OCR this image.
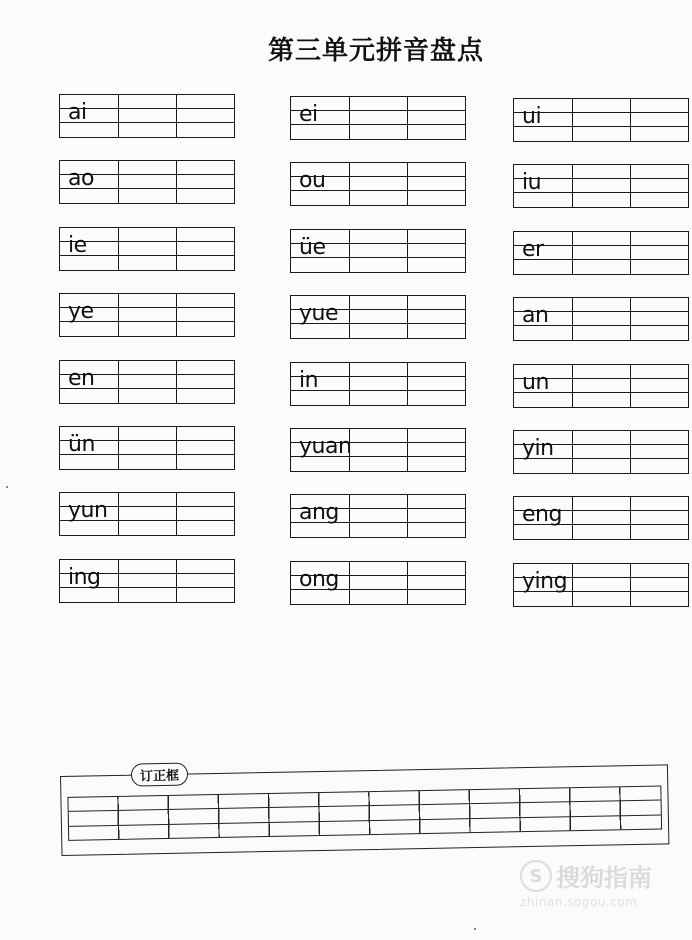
第三单元拼音盘点
ai	ei	ui
ao	ou	iu
ie	üe	er
ye	yue	an
en	in	un
ün	yuan	yin
yun	ang	eng
ing	ong	ying
订正框
S 搜狗指南
zhinan.sogou.com
